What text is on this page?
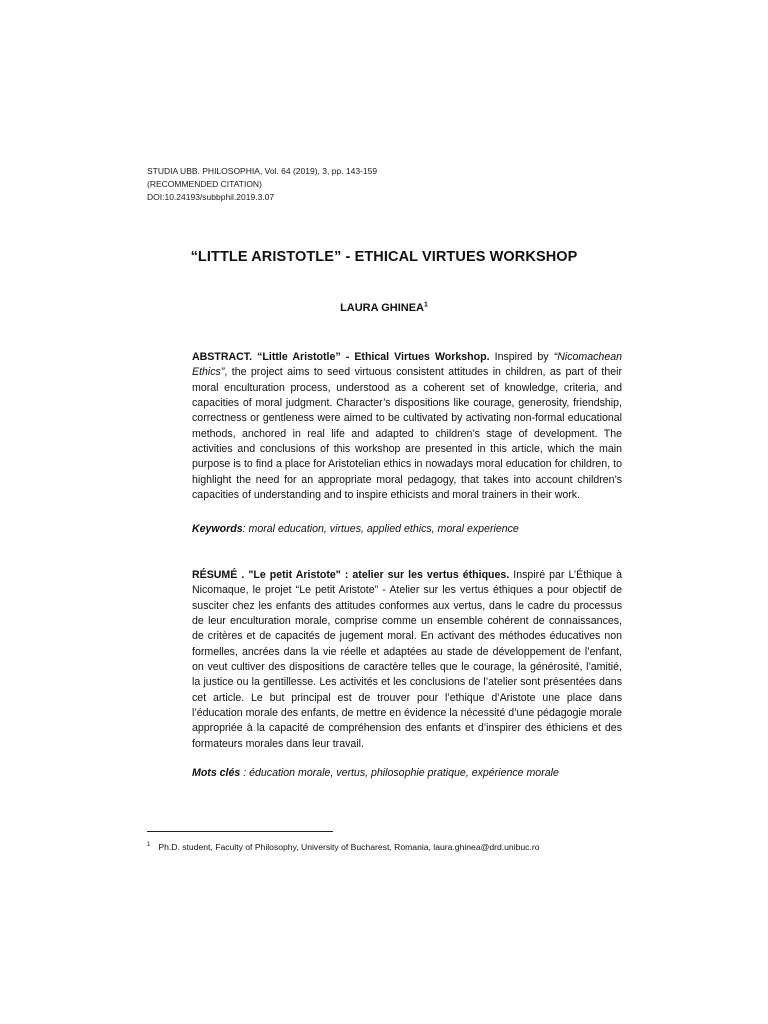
STUDIA UBB. PHILOSOPHIA, Vol. 64 (2019), 3, pp. 143-159
(RECOMMENDED CITATION)
DOI:10.24193/subbphil.2019.3.07
“LITTLE ARISTOTLE” - ETHICAL VIRTUES WORKSHOP
LAURA GHINEA$^1$

ABSTRACT. “Little Aristotle” - Ethical Virtues Workshop. Inspired by “Nicomachean Ethics”, the project aims to seed virtuous consistent attitudes in children, as part of their moral enculturation process, understood as a coherent set of knowledge, criteria, and capacities of moral judgment. Character’s dispositions like courage, generosity, friendship, correctness or gentleness were aimed to be cultivated by activating non-formal educational methods, anchored in real life and adapted to children’s stage of development. The activities and conclusions of this workshop are presented in this article, which the main purpose is to find a place for Aristotelian ethics in nowadays moral education for children, to highlight the need for an appropriate moral pedagogy, that takes into account children’s capacities of understanding and to inspire ethicists and moral trainers in their work.

Keywords: moral education, virtues, applied ethics, moral experience

RÉSUMÉ . "Le petit Aristote" : atelier sur les vertus éthiques. Inspiré par L’Éthique à Nicomaque, le projet “Le petit Aristote” - Atelier sur les vertus éthiques a pour objectif de susciter chez les enfants des attitudes conformes aux vertus, dans le cadre du processus de leur enculturation morale, comprise comme un ensemble cohérent de connaissances, de critères et de capacités de jugement moral. En activant des méthodes éducatives non formelles, ancrées dans la vie réelle et adaptées au stade de développement de l’enfant, on veut cultiver des dispositions de caractère telles que le courage, la générosité, l’amitié, la justice ou la gentillesse. Les activités et les conclusions de l’atelier sont présentées dans cet article. Le but principal est de trouver pour l’ethique d’Aristote une place dans l’éducation morale des enfants, de mettre en évidence la nécessité d’une pédagogie morale appropriée à la capacité de compréhension des enfants et d’inspirer des éthiciens et des formateurs morales dans leur travail.

Mots clés : éducation morale, vertus, philosophie pratique, expérience morale
$^1$ Ph.D. student, Faculty of Philosophy, University of Bucharest, Romania, laura.ghinea@drd.unibuc.ro
